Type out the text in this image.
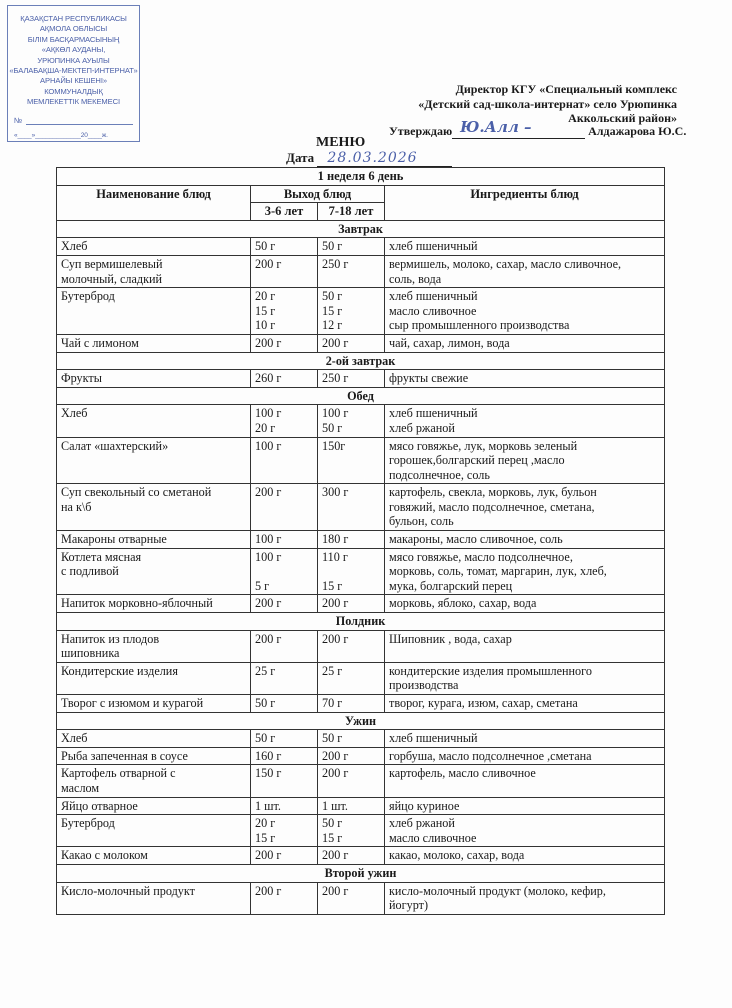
ҚАЗАҚСТАН РЕСПУБЛИКАСЫ
АҚМОЛА ОБЛЫСЫ
БІЛІМ БАСҚАРМАСЫНЫҢ
«АҚКӨЛ АУДАНЫ,
УРЮПИНКА АУЫЛЫ
«БАЛАБАҚША-МЕКТЕП-ИНТЕРНАТ»
АРНАЙЫ КЕШЕНІ»
КОММУНАЛДЫҚ
МЕМЛЕКЕТТІК МЕКЕМЕСІ
№
«____»_____________20____ж.
Директор КГУ «Специальный комплекс
«Детский сад-школа-интернат» село Урюпинка
Аккольский район»
Утверждаю Ю.Алл –	Алдажарова Ю.С.
МЕНЮ
Дата 28.03.2026
1 неделя 6 день			
Наименование блюд	Выход блюд		Ингредиенты блюд
	3-6 лет	7-18 лет	
Завтрак			

Хлеб	50 г	50 г	хлеб пшеничный

Суп вермишелевый
молочный, сладкий	200 г	250 г	вермишель, молоко, сахар, масло сливочное,
соль, вода

Бутерброд	20 г
15 г
10 г	50 г
15 г
12 г	хлеб пшеничный
масло сливочное
сыр промышленного производства

Чай с лимоном	200 г	200 г	чай, сахар, лимон, вода

2-ой завтрак			

Фрукты	260 г	250 г	фрукты свежие

Обед			

Хлеб	100 г
20 г	100 г
50 г	хлеб пшеничный
хлеб ржаной

Салат «шахтерский»	100 г	150г	мясо говяжье, лук, морковь зеленый
горошек,болгарский перец ,масло
подсолнечное, соль

Суп свекольный со сметаной
на к\б	200 г	300 г	картофель, свекла, морковь, лук, бульон
говяжий, масло подсолнечное, сметана,
бульон, соль

Макароны отварные	100 г	180 г	макароны, масло сливочное, соль

Котлета мясная
с подливой	100 г
5 г	110 г
15 г	мясо говяжье, масло подсолнечное,
морковь, соль, томат, маргарин, лук, хлеб,
мука, болгарский перец

Напиток морковно-яблочный	200 г	200 г	морковь, яблоко, сахар, вода

Полдник			

Напиток из плодов
шиповника	200 г	200 г	Шиповник , вода, сахар

Кондитерские изделия	25 г	25 г	кондитерские изделия промышленного
производства

Творог с изюмом и курагой	50 г	70 г	творог, курага, изюм, сахар, сметана

Ужин			

Хлеб	50 г	50 г	хлеб пшеничный

Рыба запеченная в соусе	160 г	200 г	горбуша, масло подсолнечное ,сметана

Картофель отварной с
маслом	150 г	200 г	картофель, масло сливочное

Яйцо отварное	1 шт.	1 шт.	яйцо куриное

Бутерброд	20 г
15 г	50 г
15 г	хлеб ржаной
масло сливочное

Какао с молоком	200 г	200 г	какао, молоко, сахар, вода

Второй ужин			

Кисло-молочный продукт	200 г	200 г	кисло-молочный продукт (молоко, кефир,
йогурт)
